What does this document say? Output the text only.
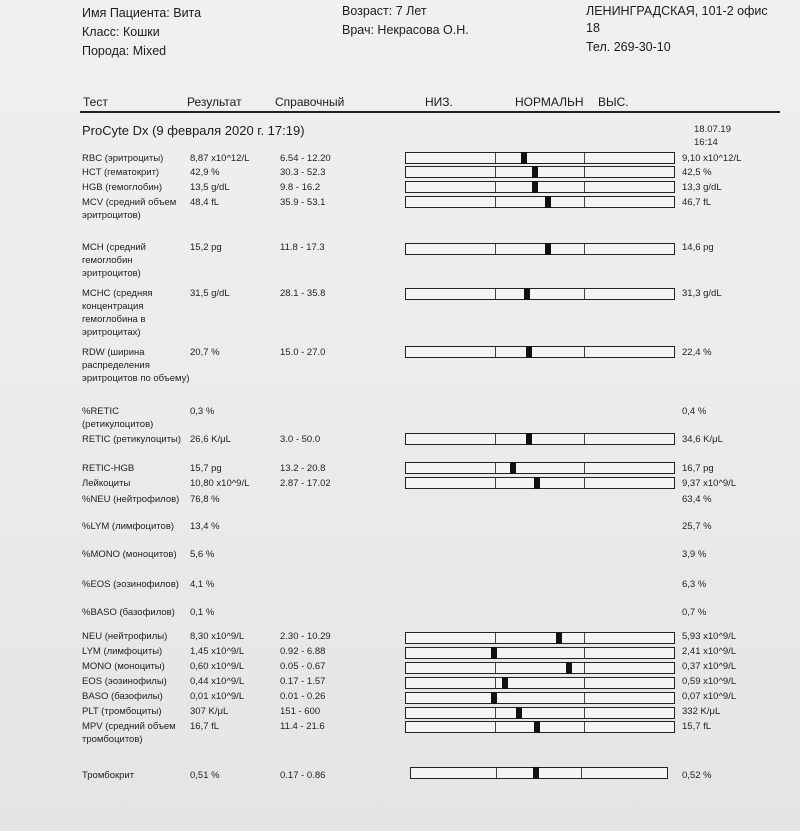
Имя Пациента: Вита
Класс: Кошки
Порода: Mixed
Возраст: 7 Лет
Врач: Некрасова О.Н.
ЛЕНИНГРАДСКАЯ, 101-2 офис
18
Тел. 269-30-10
Тест	Результат	Справочный	НИЗ.	НОРМАЛЬН ВЫС.
ProCyte Dx (9 февраля 2020 г. 17:19)	18.07.19
16:14
RBC (эритроциты)	8,87 x10^12/L	6.54 - 12.20	9,10 x10^12/L
HCT (гематокрит)	42,9 %	30.3 - 52.3	42,5 %
HGB (гемоглобин)	13,5 g/dL	9.8 - 16.2	13,3 g/dL
MCV (средний объем эритроцитов)
48,4 fL	35.9 - 53.1	46,7 fL
MCH (средний гемоглобин эритроцитов)
15,2 pg	11.8 - 17.3	14,6 pg
MCHC (средняя концентрация гемоглобина в эритроцитах)
31,5 g/dL	28.1 - 35.8	31,3 g/dL
RDW (ширина распределения эритроцитов по объему)
20,7 %	15.0 - 27.0	22,4 %
%RETIC (ретикулоцитов)
0,3 %	0,4 %
RETIC (ретикулоциты) 26,6 K/μL	3.0 - 50.0	34,6 K/μL
RETIC-HGB	15,7 pg	13.2 - 20.8	16,7 pg
Лейкоциты	10,80 x10^9/L	2.87 - 17.02	9,37 x10^9/L
%NEU (нейтрофилов)	76,8 %	63,4 %
%LYM (лимфоцитов)	13,4 %	25,7 %
%MONO (моноцитов)	5,6 %	3,9 %
%EOS (эозинофилов)	4,1 %	6,3 %
%BASO (базофилов)	0,1 %	0,7 %
NEU (нейтрофилы)	8,30 x10^9/L	2.30 - 10.29	5,93 x10^9/L
LYM (лимфоциты)	1,45 x10^9/L	0.92 - 6.88	2,41 x10^9/L
MONO (моноциты)	0,60 x10^9/L	0.05 - 0.67	0,37 x10^9/L
EOS (эозинофилы)	0,44 x10^9/L	0.17 - 1.57	0,59 x10^9/L
BASO (базофилы)	0,01 x10^9/L	0.01 - 0.26	0,07 x10^9/L
PLT (тромбоциты)	307 K/μL	151 - 600	332 K/μL
MPV (средний объем тромбоцитов)
16,7 fL	11.4 - 21.6	15,7 fL
Тромбокрит	0,51 %	0.17 - 0.86	0,52 %
